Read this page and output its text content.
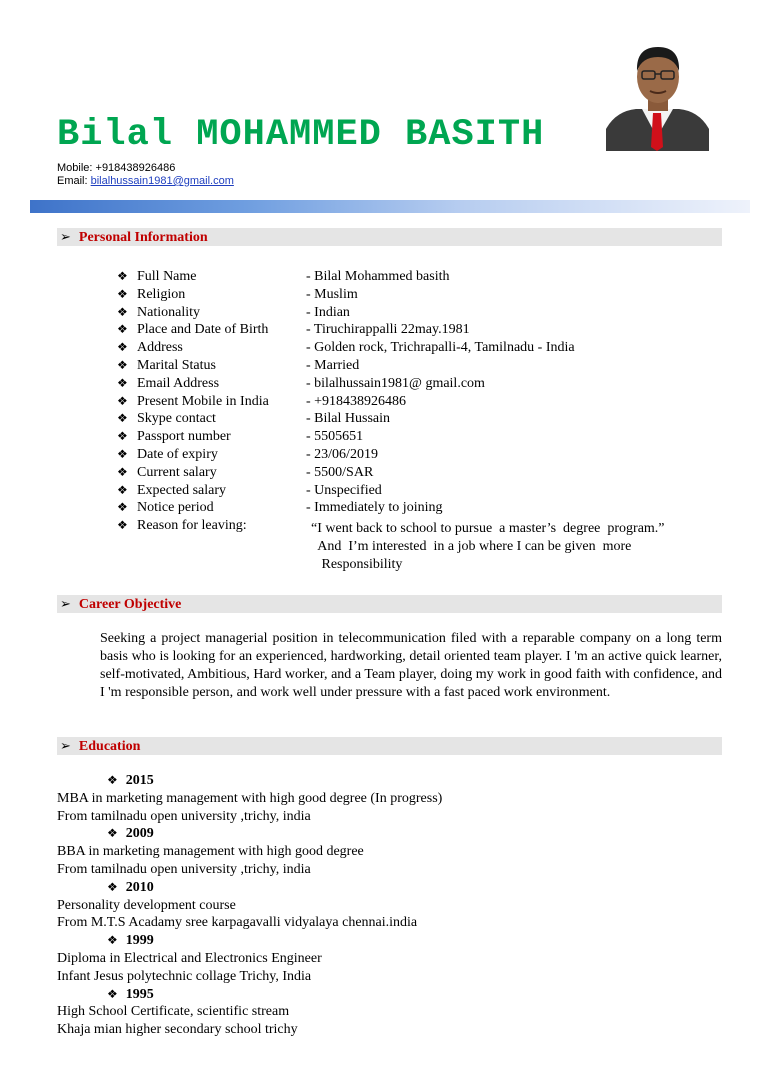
Bilal MOHAMMED BASITH
Mobile: +918438926486
Email: bilalhussain1981@gmail.com
➢ Personal Information
❖ Full Name	- Bilal Mohammed basith
❖ Religion	- Muslim
❖ Nationality	- Indian
❖ Place and Date of Birth	- Tiruchirappalli 22may.1981
❖ Address	- Golden rock, Trichrapalli-4, Tamilnadu - India
❖ Marital Status	- Married
❖ Email Address	- bilalhussain1981@ gmail.com
❖ Present Mobile in India	- +918438926486
❖ Skype contact	- Bilal Hussain
❖ Passport number	- 5505651
❖ Date of expiry	- 23/06/2019
❖ Current salary	- 5500/SAR
❖ Expected salary	- Unspecified
❖ Notice period	- Immediately to joining
❖ Reason for leaving:	“I went back to school to pursue  a master’s  degree  program.”
And  I’m interested  in a job where I can be given  more
Responsibility
➢ Career Objective
Seeking a project managerial position in telecommunication filed with a reparable company on a long term basis who is looking for an experienced, hardworking, detail oriented team player. I 'm an active quick learner, self-motivated, Ambitious, Hard worker, and a Team player, doing my work in good faith with confidence, and I 'm responsible person, and work well under pressure with a fast paced work environment.
➢ Education
❖ 2015
MBA in marketing management with high good degree (In progress)
From tamilnadu open university ,trichy, india
❖ 2009
BBA in marketing management with high good degree
From tamilnadu open university ,trichy, india
❖ 2010
Personality development course
From M.T.S Acadamy sree karpagavalli vidyalaya chennai.india
❖ 1999
Diploma in Electrical and Electronics Engineer
Infant Jesus polytechnic collage Trichy, India
❖ 1995
High School Certificate, scientific stream
Khaja mian higher secondary school trichy
